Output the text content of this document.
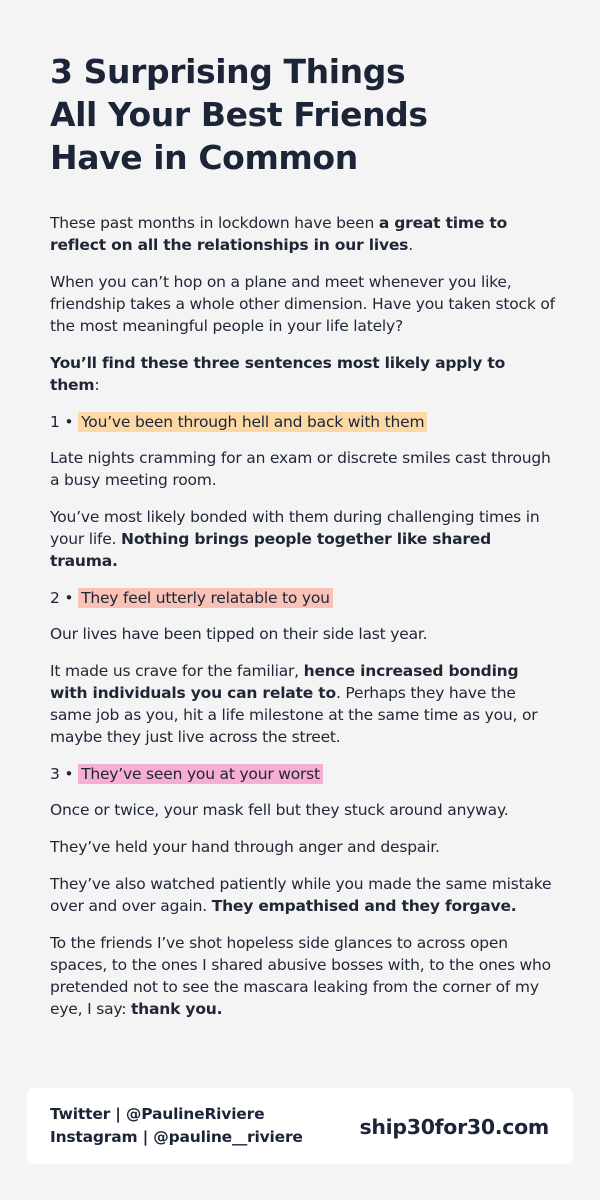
3 Surprising Things
All Your Best Friends
Have in Common

These past months in lockdown have been a great time to reflect on all the relationships in our lives.

When you can’t hop on a plane and meet whenever you like, friendship takes a whole other dimension. Have you taken stock of the most meaningful people in your life lately?

You’ll find these three sentences most likely apply to them:

1 • You’ve been through hell and back with them

Late nights cramming for an exam or discrete smiles cast through a busy meeting room.

You’ve most likely bonded with them during challenging times in your life. Nothing brings people together like shared trauma.

2 • They feel utterly relatable to you

Our lives have been tipped on their side last year.

It made us crave for the familiar, hence increased bonding with individuals you can relate to. Perhaps they have the same job as you, hit a life milestone at the same time as you, or maybe they just live across the street.

3 • They’ve seen you at your worst

Once or twice, your mask fell but they stuck around anyway.

They’ve held your hand through anger and despair.

They’ve also watched patiently while you made the same mistake over and over again. They empathised and they forgave.

To the friends I’ve shot hopeless side glances to across open spaces, to the ones I shared abusive bosses with, to the ones who pretended not to see the mascara leaking from the corner of my eye, I say: thank you.

Twitter | @PaulineRiviere
Instagram | @pauline__riviere	ship30for30.com
